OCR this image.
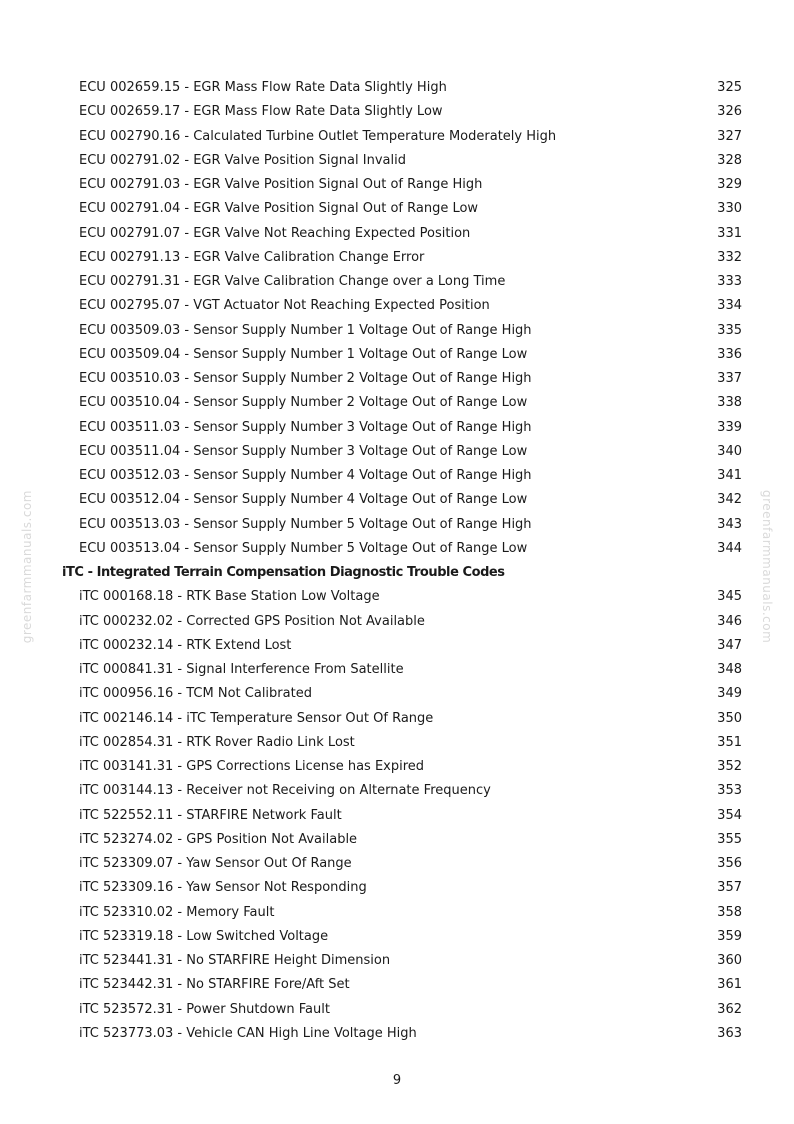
greenfarmmanuals.com	greenfarmmanuals.com
ECU 002659.15 - EGR Mass Flow Rate Data Slightly High	325
ECU 002659.17 - EGR Mass Flow Rate Data Slightly Low	326
ECU 002790.16 - Calculated Turbine Outlet Temperature Moderately High	327
ECU 002791.02 - EGR Valve Position Signal Invalid	328
ECU 002791.03 - EGR Valve Position Signal Out of Range High	329
ECU 002791.04 - EGR Valve Position Signal Out of Range Low	330
ECU 002791.07 - EGR Valve Not Reaching Expected Position	331
ECU 002791.13 - EGR Valve Calibration Change Error	332
ECU 002791.31 - EGR Valve Calibration Change over a Long Time	333
ECU 002795.07 - VGT Actuator Not Reaching Expected Position	334
ECU 003509.03 - Sensor Supply Number 1 Voltage Out of Range High	335
ECU 003509.04 - Sensor Supply Number 1 Voltage Out of Range Low	336
ECU 003510.03 - Sensor Supply Number 2 Voltage Out of Range High	337
ECU 003510.04 - Sensor Supply Number 2 Voltage Out of Range Low	338
ECU 003511.03 - Sensor Supply Number 3 Voltage Out of Range High	339
ECU 003511.04 - Sensor Supply Number 3 Voltage Out of Range Low	340
ECU 003512.03 - Sensor Supply Number 4 Voltage Out of Range High	341
ECU 003512.04 - Sensor Supply Number 4 Voltage Out of Range Low	342
ECU 003513.03 - Sensor Supply Number 5 Voltage Out of Range High	343
ECU 003513.04 - Sensor Supply Number 5 Voltage Out of Range Low	344
iTC - Integrated Terrain Compensation Diagnostic Trouble Codes
iTC 000168.18 - RTK Base Station Low Voltage	345
iTC 000232.02 - Corrected GPS Position Not Available	346
iTC 000232.14 - RTK Extend Lost	347
iTC 000841.31 - Signal Interference From Satellite	348
iTC 000956.16 - TCM Not Calibrated	349
iTC 002146.14 - iTC Temperature Sensor Out Of Range	350
iTC 002854.31 - RTK Rover Radio Link Lost	351
iTC 003141.31 - GPS Corrections License has Expired	352
iTC 003144.13 - Receiver not Receiving on Alternate Frequency	353
iTC 522552.11 - STARFIRE Network Fault	354
iTC 523274.02 - GPS Position Not Available	355
iTC 523309.07 - Yaw Sensor Out Of Range	356
iTC 523309.16 - Yaw Sensor Not Responding	357
iTC 523310.02 - Memory Fault	358
iTC 523319.18 - Low Switched Voltage	359
iTC 523441.31 - No STARFIRE Height Dimension	360
iTC 523442.31 - No STARFIRE Fore/Aft Set	361
iTC 523572.31 - Power Shutdown Fault	362
iTC 523773.03 - Vehicle CAN High Line Voltage High	363
9
